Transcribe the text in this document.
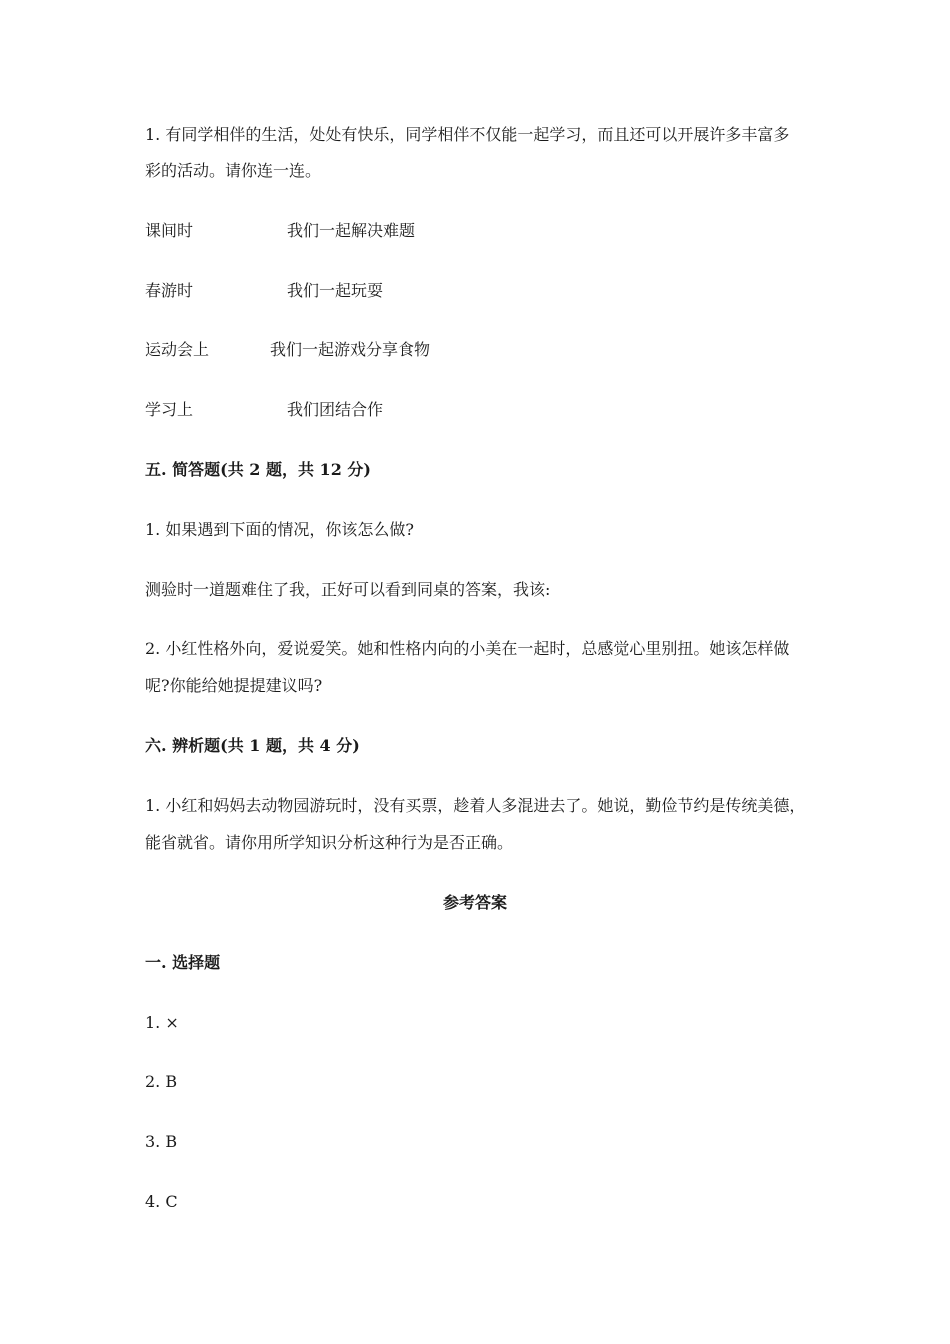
1. 有同学相伴的生活，处处有快乐，同学相伴不仅能一起学习，而且还可以开展许多丰富多
彩的活动。请你连一连。
课间时	我们一起解决难题
春游时	我们一起玩耍
运动会上	我们一起游戏分享食物
学习上	我们团结合作
五. 简答题(共 2 题，共 12 分)
1. 如果遇到下面的情况，你该怎么做?
测验时一道题难住了我，正好可以看到同桌的答案，我该:
2. 小红性格外向，爱说爱笑。她和性格内向的小美在一起时，总感觉心里别扭。她该怎样做
呢?你能给她提提建议吗?
六. 辨析题(共 1 题，共 4 分)
1. 小红和妈妈去动物园游玩时，没有买票，趁着人多混进去了。她说，勤俭节约是传统美德，
能省就省。请你用所学知识分析这种行为是否正确。
参考答案
一. 选择题
1. ×
2. B
3. B
4. C
